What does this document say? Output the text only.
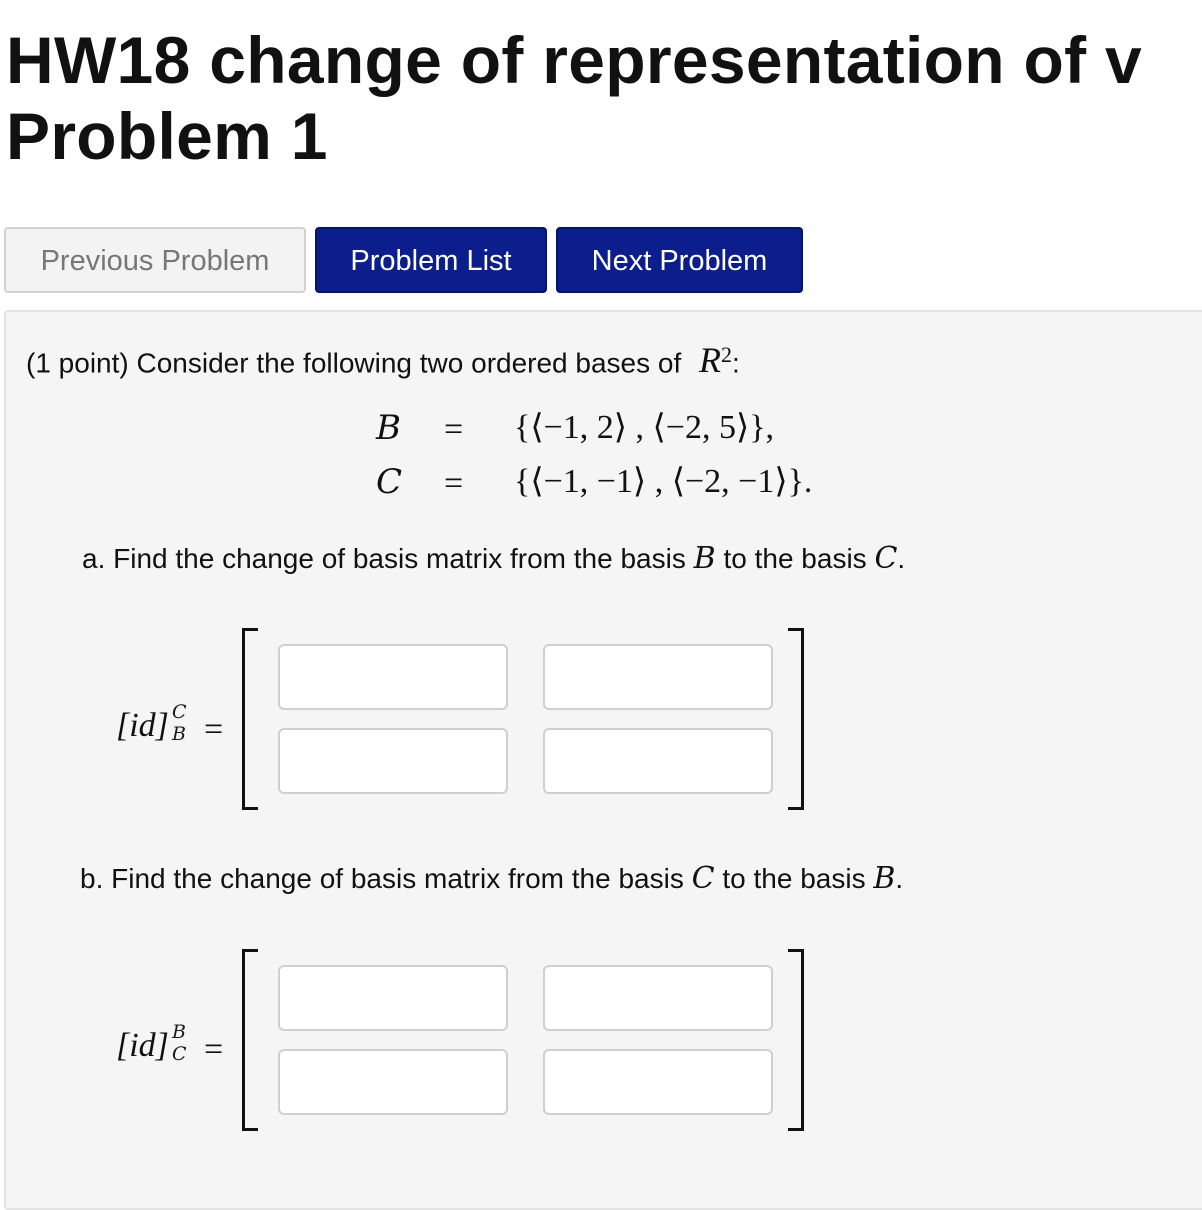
HW18 change of representation of v
Problem 1
Previous Problem	Problem List	Next Problem
(1 point) Consider the following two ordered bases of $R^2$:
B = {⟨−1, 2⟩ , ⟨−2, 5⟩},
C = {⟨−1, −1⟩ , ⟨−2, −1⟩}.
a. Find the change of basis matrix from the basis B to the basis C.
[id] C
B =
b. Find the change of basis matrix from the basis C to the basis B.
[id] B
C =
